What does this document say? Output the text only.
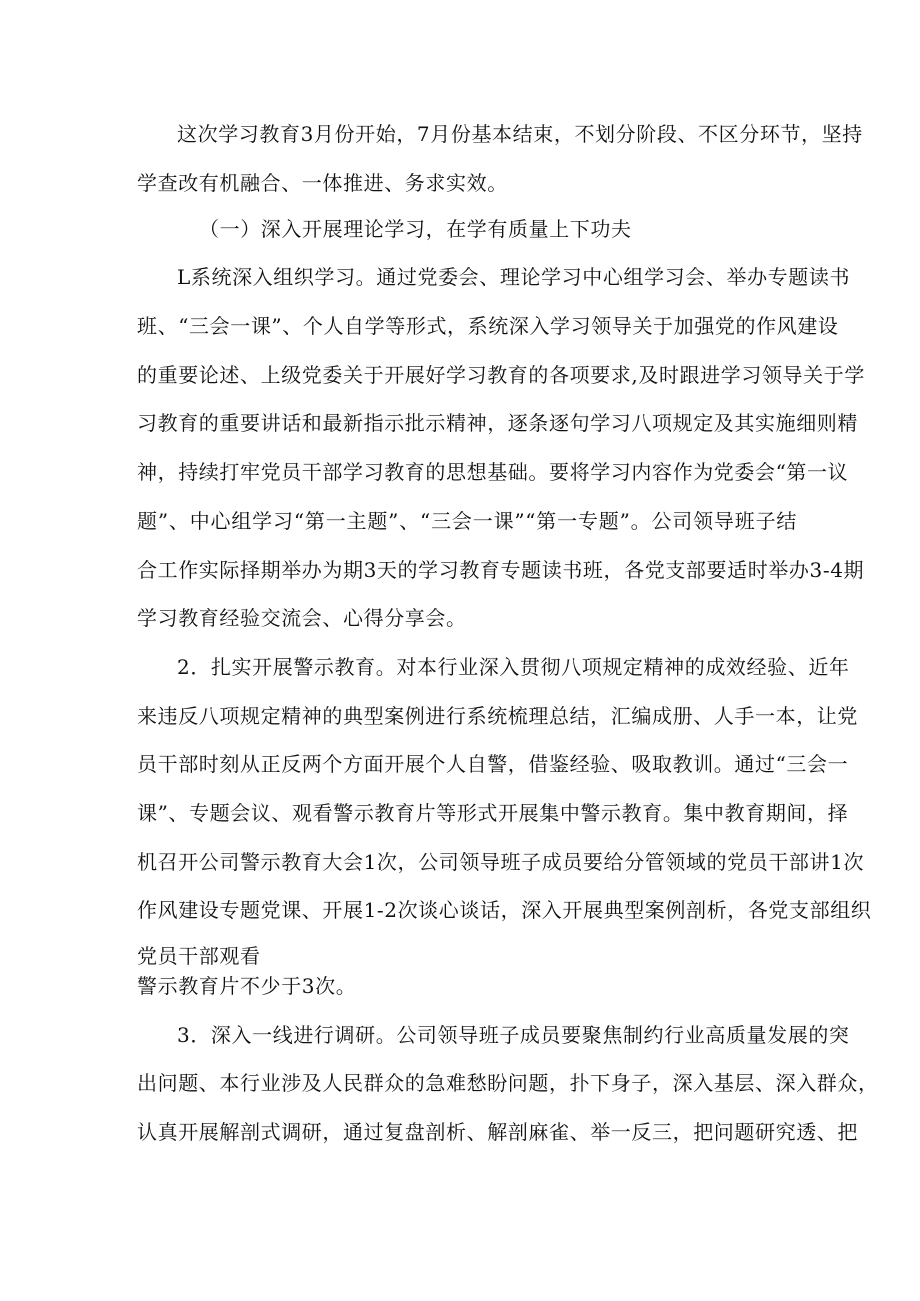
这次学习教育3月份开始，7月份基本结束，不划分阶段、不区分环节，坚持
学查改有机融合、一体推进、务求实效。
（一）深入开展理论学习，在学有质量上下功夫
L系统深入组织学习。通过党委会、理论学习中心组学习会、举办专题读书
班、“三会一课”、个人自学等形式，系统深入学习领导关于加强党的作风建设
的重要论述、上级党委关于开展好学习教育的各项要求,及时跟进学习领导关于学
习教育的重要讲话和最新指示批示精神，逐条逐句学习八项规定及其实施细则精
神，持续打牢党员干部学习教育的思想基础。要将学习内容作为党委会“第一议
题”、中心组学习“第一主题”、“三会一课”“第一专题”。公司领导班子结
合工作实际择期举办为期3天的学习教育专题读书班，各党支部要适时举办3-4期
学习教育经验交流会、心得分享会。
2．扎实开展警示教育。对本行业深入贯彻八项规定精神的成效经验、近年
来违反八项规定精神的典型案例进行系统梳理总结，汇编成册、人手一本，让党
员干部时刻从正反两个方面开展个人自警，借鉴经验、吸取教训。通过“三会一
课”、专题会议、观看警示教育片等形式开展集中警示教育。集中教育期间，择
机召开公司警示教育大会1次，公司领导班子成员要给分管领域的党员干部讲1次
作风建设专题党课、开展1-2次谈心谈话，深入开展典型案例剖析，各党支部组织
党员干部观看
警示教育片不少于3次。
3．深入一线进行调研。公司领导班子成员要聚焦制约行业高质量发展的突
出问题、本行业涉及人民群众的急难愁盼问题，扑下身子，深入基层、深入群众，
认真开展解剖式调研，通过复盘剖析、解剖麻雀、举一反三，把问题研究透、把
